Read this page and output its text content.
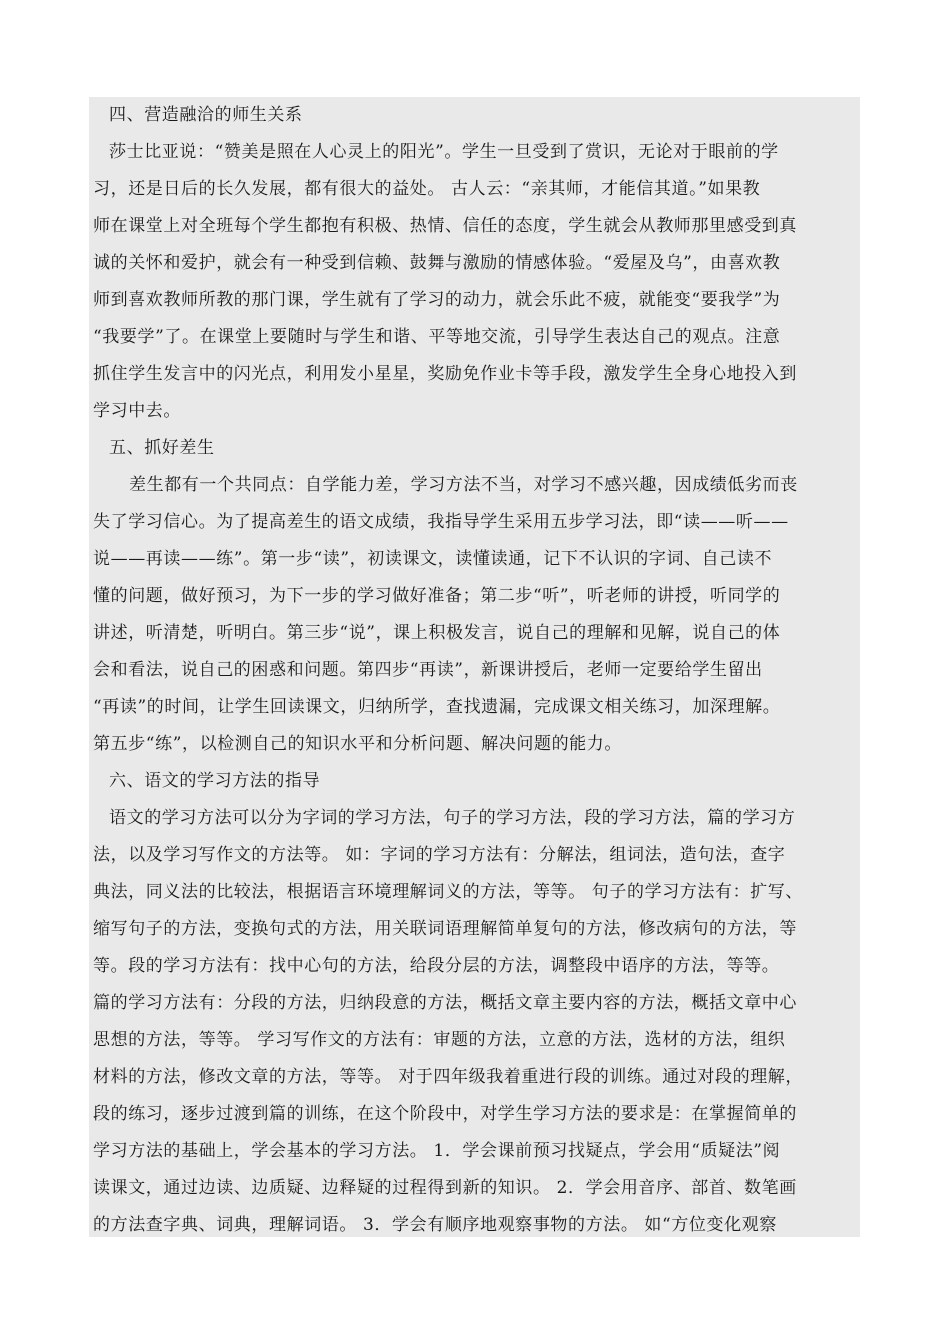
四、营造融洽的师生关系
莎士比亚说：“赞美是照在人心灵上的阳光”。学生一旦受到了赏识，无论对于眼前的学
习，还是日后的长久发展，都有很大的益处。 古人云：“亲其师，才能信其道。”如果教
师在课堂上对全班每个学生都抱有积极、热情、信任的态度，学生就会从教师那里感受到真
诚的关怀和爱护，就会有一种受到信赖、鼓舞与激励的情感体验。“爱屋及乌”，由喜欢教
师到喜欢教师所教的那门课，学生就有了学习的动力，就会乐此不疲，就能变“要我学”为
“我要学”了。在课堂上要随时与学生和谐、平等地交流，引导学生表达自己的观点。注意
抓住学生发言中的闪光点，利用发小星星，奖励免作业卡等手段，激发学生全身心地投入到
学习中去。
五、抓好差生
差生都有一个共同点：自学能力差，学习方法不当，对学习不感兴趣，因成绩低劣而丧
失了学习信心。为了提高差生的语文成绩，我指导学生采用五步学习法，即“读——听——
说——再读——练”。第一步“读”，初读课文，读懂读通，记下不认识的字词、自己读不
懂的问题，做好预习，为下一步的学习做好准备；第二步“听”，听老师的讲授，听同学的
讲述，听清楚，听明白。第三步“说”，课上积极发言，说自己的理解和见解，说自己的体
会和看法，说自己的困惑和问题。第四步“再读”，新课讲授后，老师一定要给学生留出
“再读”的时间，让学生回读课文，归纳所学，查找遗漏，完成课文相关练习，加深理解。
第五步“练”，以检测自己的知识水平和分析问题、解决问题的能力。
六、语文的学习方法的指导
语文的学习方法可以分为字词的学习方法，句子的学习方法，段的学习方法，篇的学习方
法，以及学习写作文的方法等。 如：字词的学习方法有：分解法，组词法，造句法，查字
典法，同义法的比较法，根据语言环境理解词义的方法，等等。 句子的学习方法有：扩写、
缩写句子的方法，变换句式的方法，用关联词语理解简单复句的方法，修改病句的方法，等
等。段的学习方法有：找中心句的方法，给段分层的方法，调整段中语序的方法，等等。
篇的学习方法有：分段的方法，归纳段意的方法，概括文章主要内容的方法，概括文章中心
思想的方法，等等。 学习写作文的方法有：审题的方法，立意的方法，选材的方法，组织
材料的方法，修改文章的方法，等等。 对于四年级我着重进行段的训练。通过对段的理解，
段的练习，逐步过渡到篇的训练，在这个阶段中，对学生学习方法的要求是：在掌握简单的
学习方法的基础上，学会基本的学习方法。 1．学会课前预习找疑点，学会用“质疑法”阅
读课文，通过边读、边质疑、边释疑的过程得到新的知识。 2．学会用音序、部首、数笔画
的方法查字典、词典，理解词语。 3．学会有顺序地观察事物的方法。 如“方位变化观察
